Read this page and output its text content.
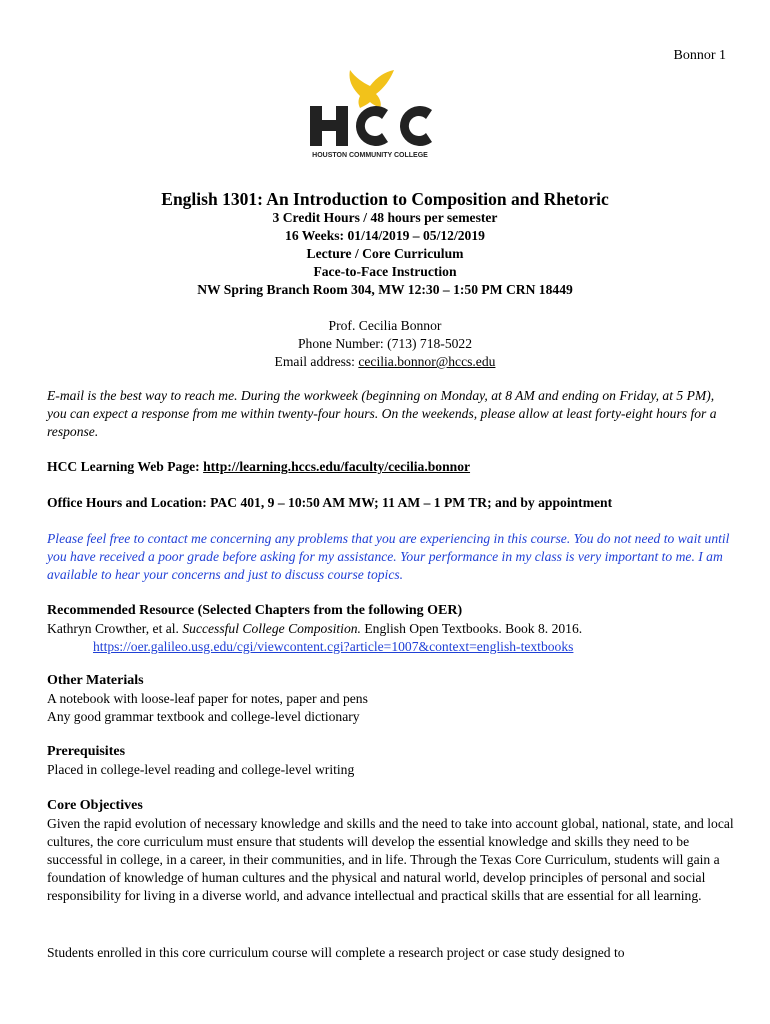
Bonnor 1
HOUSTON COMMUNITY COLLEGE
English 1301: An Introduction to Composition and Rhetoric
3 Credit Hours / 48 hours per semester
16 Weeks: 01/14/2019 – 05/12/2019
Lecture / Core Curriculum
Face-to-Face Instruction
NW Spring Branch Room 304, MW 12:30 – 1:50 PM CRN 18449
Prof. Cecilia Bonnor
Phone Number: (713) 718-5022
Email address: cecilia.bonnor@hccs.edu
E-mail is the best way to reach me. During the workweek (beginning on Monday, at 8 AM and ending on Friday, at 5 PM), you can expect a response from me within twenty-four hours. On the weekends, please allow at least forty-eight hours for a response.
HCC Learning Web Page: http://learning.hccs.edu/faculty/cecilia.bonnor
Office Hours and Location: PAC 401, 9 – 10:50 AM MW; 11 AM – 1 PM TR; and by appointment
Please feel free to contact me concerning any problems that you are experiencing in this course. You do not need to wait until you have received a poor grade before asking for my assistance. Your performance in my class is very important to me. I am available to hear your concerns and just to discuss course topics.
Recommended Resource (Selected Chapters from the following OER)
Kathryn Crowther, et al. Successful College Composition. English Open Textbooks. Book 8. 2016.
https://oer.galileo.usg.edu/cgi/viewcontent.cgi?article=1007&context=english-textbooks
Other Materials
A notebook with loose-leaf paper for notes, paper and pens
Any good grammar textbook and college-level dictionary
Prerequisites
Placed in college-level reading and college-level writing
Core Objectives
Given the rapid evolution of necessary knowledge and skills and the need to take into account global, national, state, and local cultures, the core curriculum must ensure that students will develop the essential knowledge and skills they need to be successful in college, in a career, in their communities, and in life. Through the Texas Core Curriculum, students will gain a foundation of knowledge of human cultures and the physical and natural world, develop principles of personal and social responsibility for living in a diverse world, and advance intellectual and practical skills that are essential for all learning.
Students enrolled in this core curriculum course will complete a research project or case study designed to
